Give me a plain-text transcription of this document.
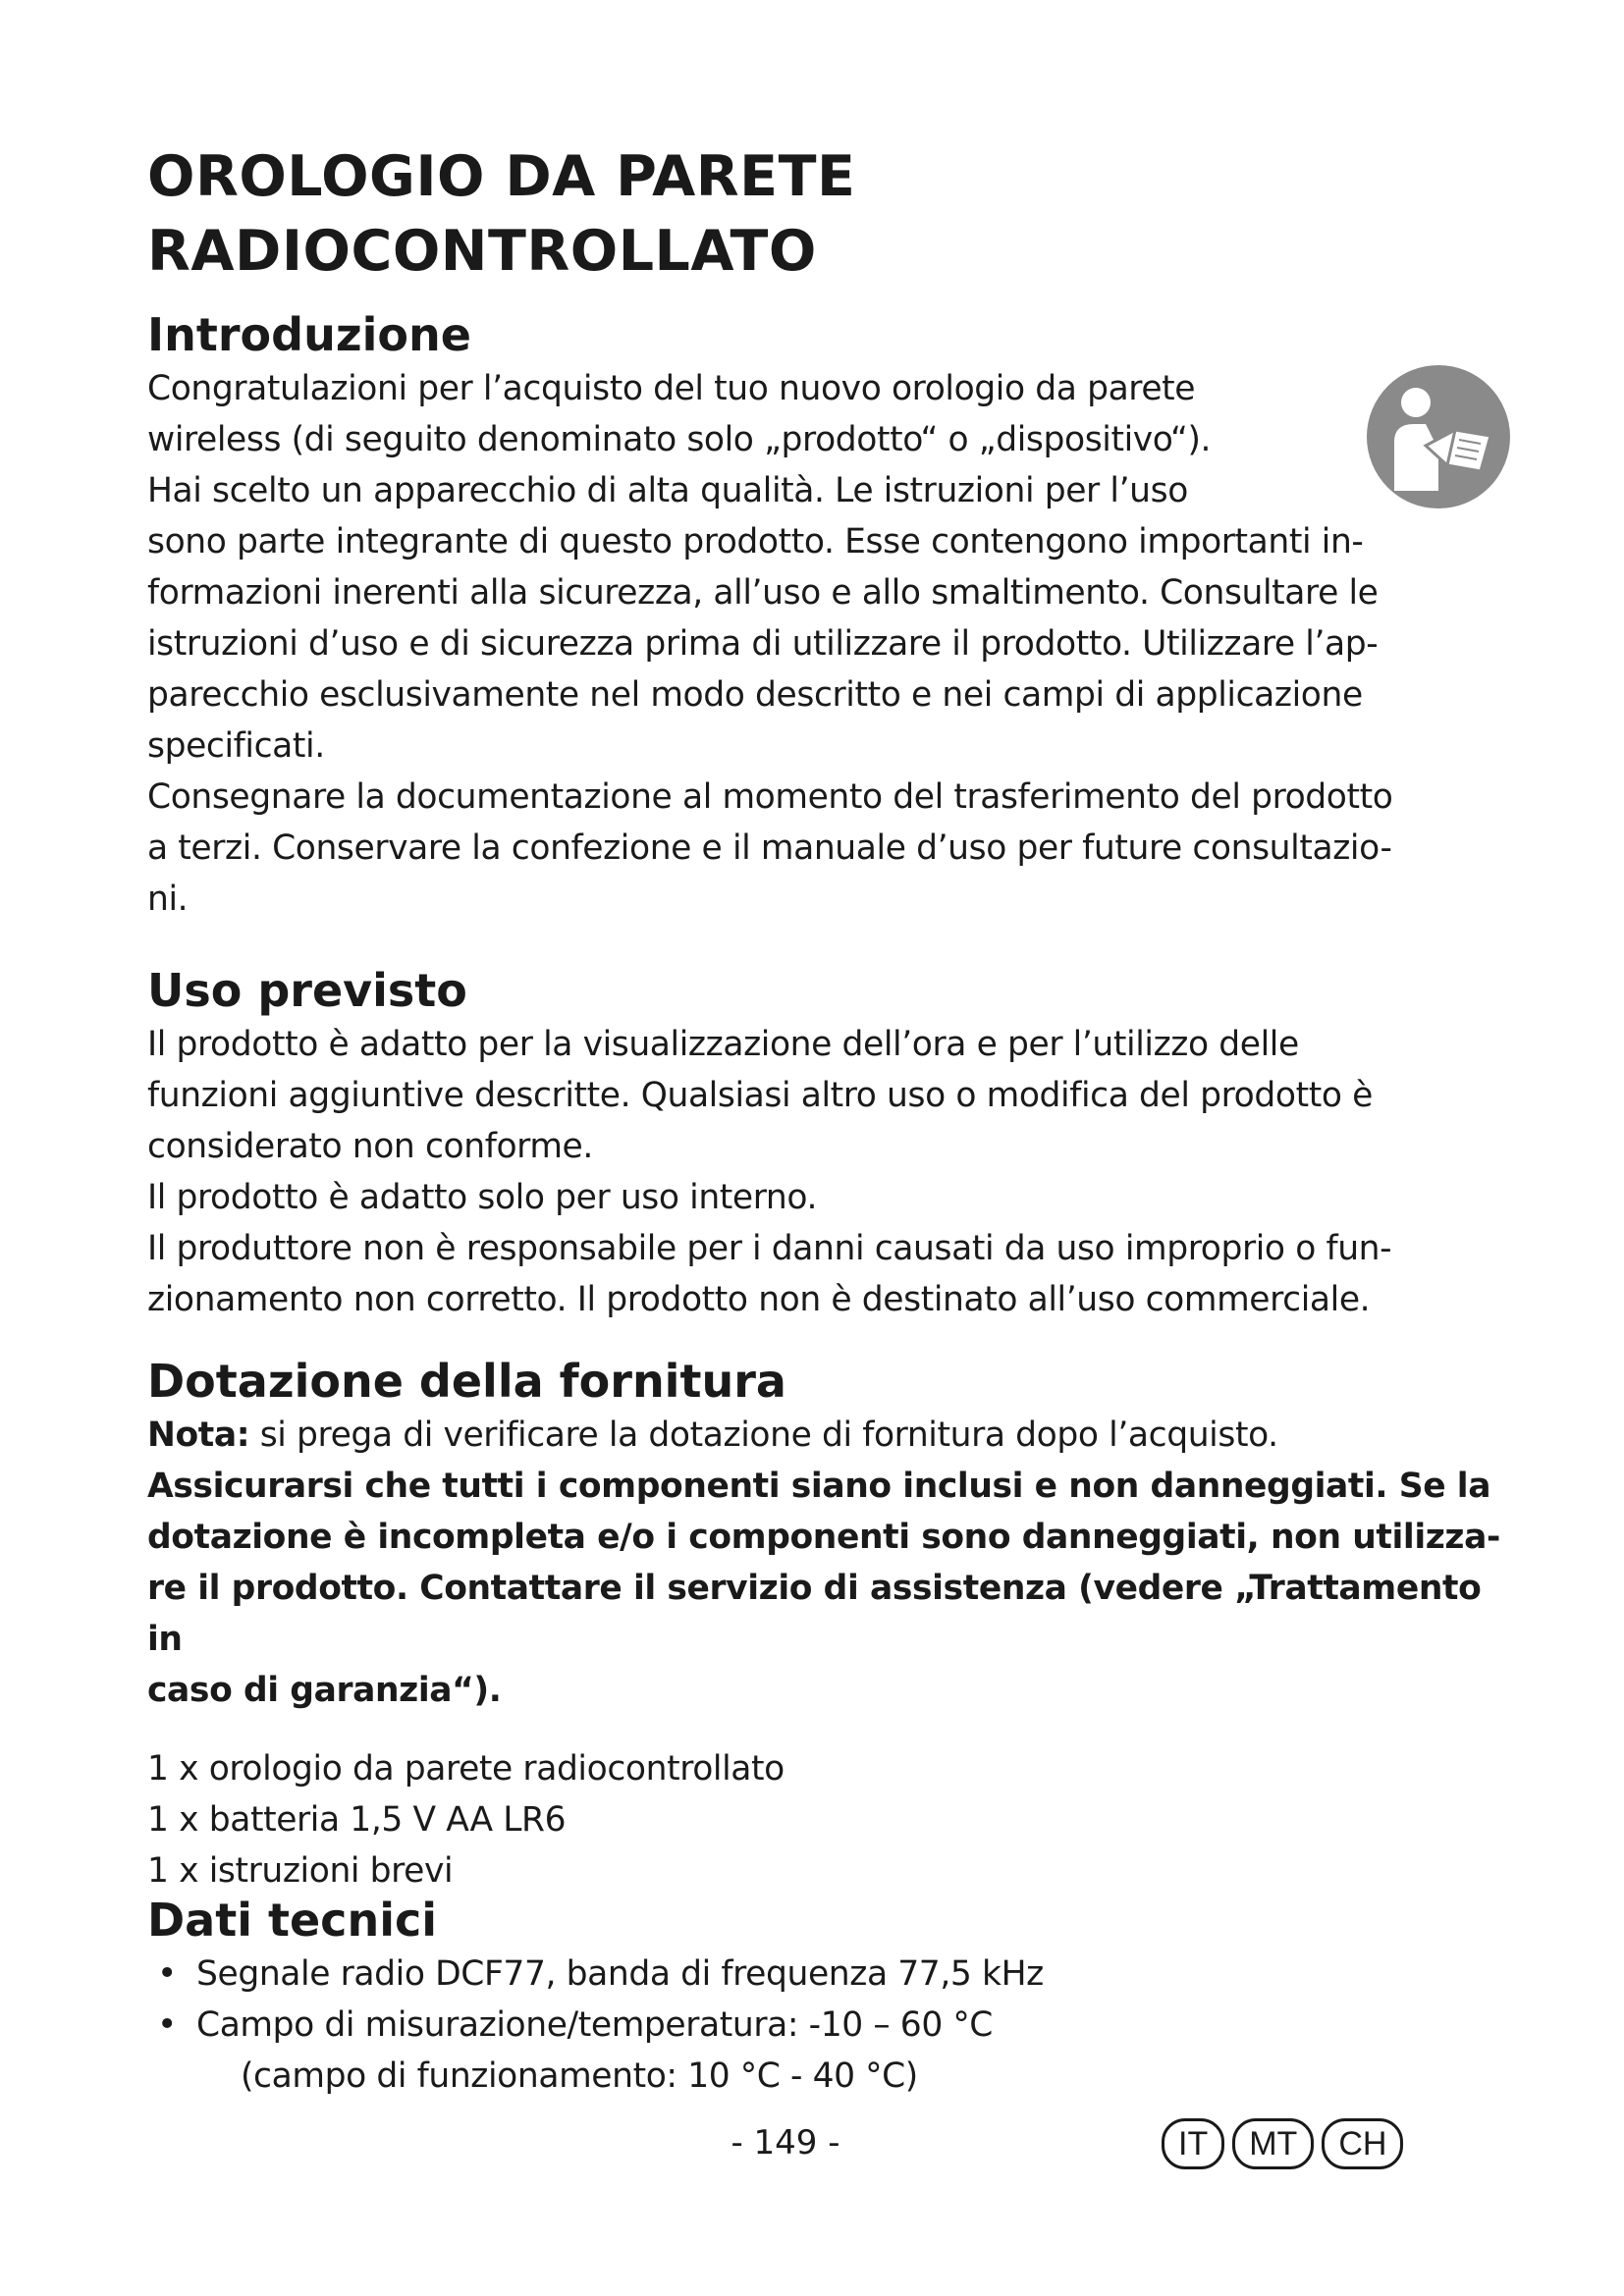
OROLOGIO DA PARETE
RADIOCONTROLLATO
Introduzione

Congratulazioni per l’acquisto del tuo nuovo orologio da parete

wireless (di seguito denominato solo „prodotto“ o „dispositivo“).

Hai scelto un apparecchio di alta qualità. Le istruzioni per l’uso

sono parte integrante di questo prodotto. Esse contengono importanti in-

formazioni inerenti alla sicurezza, all’uso e allo smaltimento. Consultare le

istruzioni d’uso e di sicurezza prima di utilizzare il prodotto. Utilizzare l’ap-

parecchio esclusivamente nel modo descritto e nei campi di applicazione

specificati.

Consegnare la documentazione al momento del trasferimento del prodotto

a terzi. Conservare la confezione e il manuale d’uso per future consultazio-

ni.

Uso previsto

Il prodotto è adatto per la visualizzazione dell’ora e per l’utilizzo delle

funzioni aggiuntive descritte. Qualsiasi altro uso o modifica del prodotto è

considerato non conforme.

Il prodotto è adatto solo per uso interno.

Il produttore non è responsabile per i danni causati da uso improprio o fun-

zionamento non corretto. Il prodotto non è destinato all’uso commerciale.

Dotazione della fornitura

Nota: si prega di verificare la dotazione di fornitura dopo l’acquisto.

Assicurarsi che tutti i componenti siano inclusi e non danneggiati. Se la

dotazione è incompleta e/o i componenti sono danneggiati, non utilizza-

re il prodotto. Contattare il servizio di assistenza (vedere „Trattamento in

caso di garanzia“).

1 x orologio da parete radiocontrollato

1 x batteria 1,5 V AA LR6

1 x istruzioni brevi

Dati tecnici
• Segnale radio DCF77, banda di frequenza 77,5 kHz
• Campo di misurazione/temperatura: -10 – 60 °C

(campo di funzionamento: 10 °C - 40 °C)

- 149 -	IT	MT	CH
